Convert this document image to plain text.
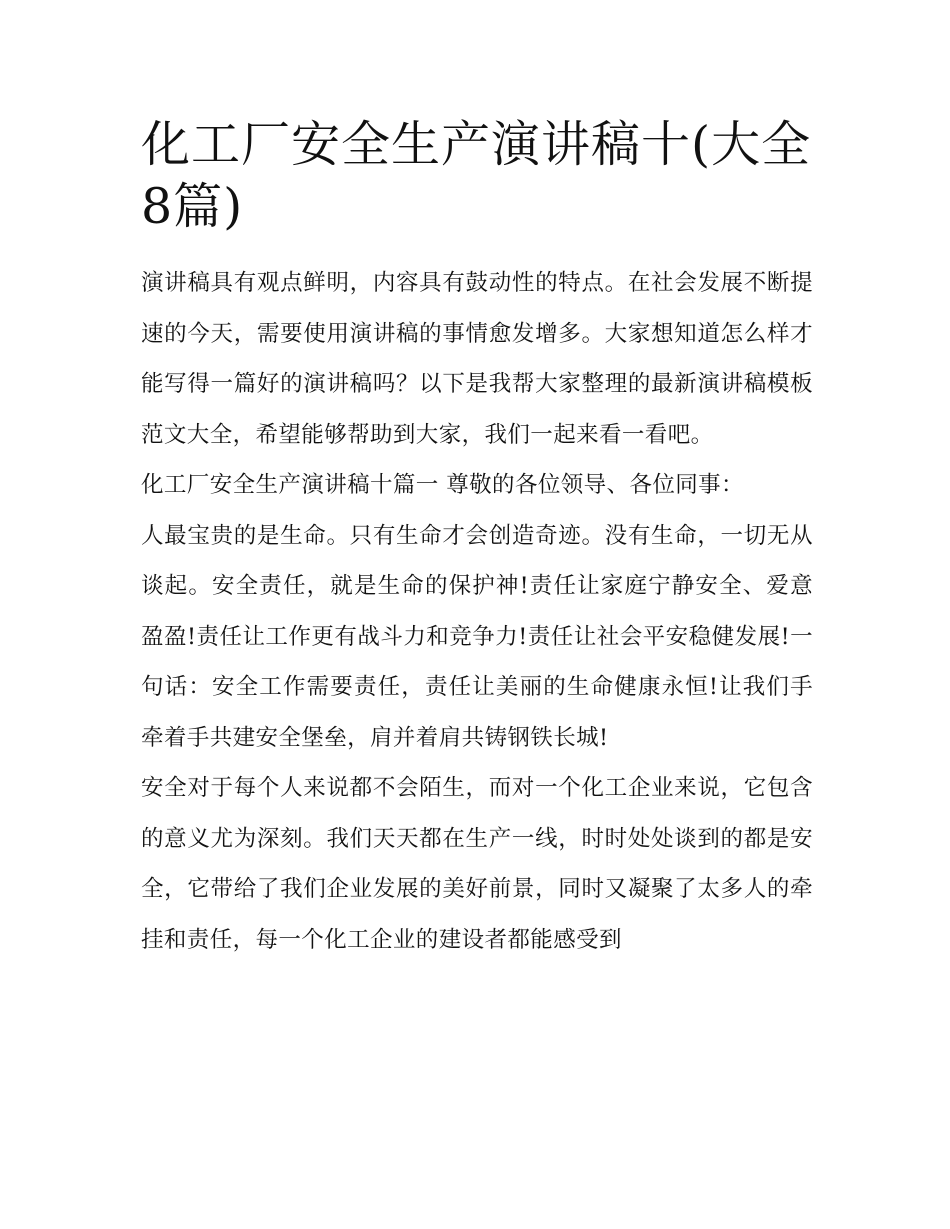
化工厂安全生产演讲稿十(大全8篇)

演讲稿具有观点鲜明，内容具有鼓动性的特点。在社会发展不断提速的今天，需要使用演讲稿的事情愈发增多。大家想知道怎么样才能写得一篇好的演讲稿吗？以下是我帮大家整理的最新演讲稿模板范文大全，希望能够帮助到大家，我们一起来看一看吧。

化工厂安全生产演讲稿十篇一 尊敬的各位领导、各位同事：

人最宝贵的是生命。只有生命才会创造奇迹。没有生命，一切无从谈起。安全责任，就是生命的保护神!责任让家庭宁静安全、爱意盈盈!责任让工作更有战斗力和竞争力!责任让社会平安稳健发展!一句话：安全工作需要责任，责任让美丽的生命健康永恒!让我们手牵着手共建安全堡垒，肩并着肩共铸钢铁长城!

安全对于每个人来说都不会陌生，而对一个化工企业来说，它包含的意义尤为深刻。我们天天都在生产一线，时时处处谈到的都是安全，它带给了我们企业发展的美好前景，同时又凝聚了太多人的牵挂和责任，每一个化工企业的建设者都能感受到
